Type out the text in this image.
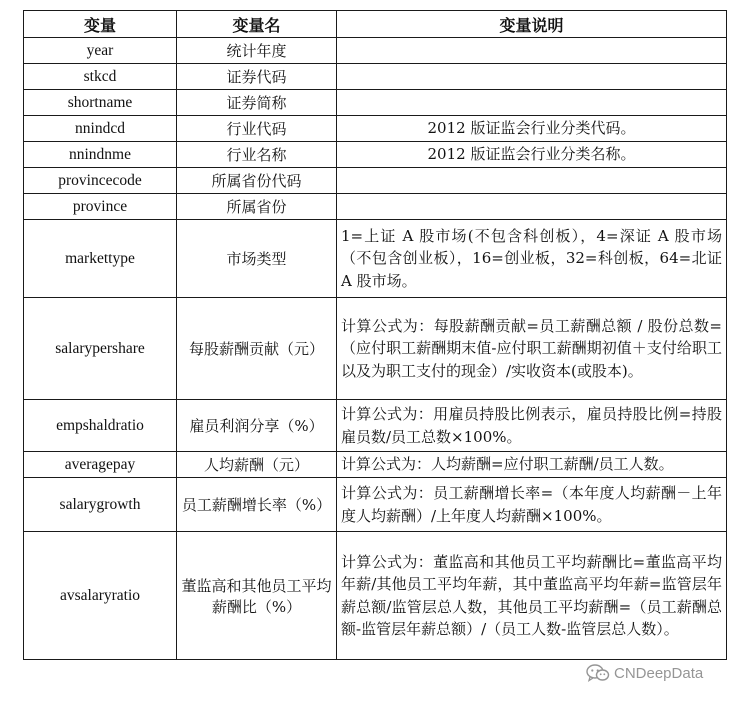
变量	变量名	变量说明
year	统计年度	
stkcd	证券代码	
shortname	证券简称	
nnindcd	行业代码	2012 版证监会行业分类代码。
nnindnme	行业名称	2012 版证监会行业分类名称。
provincecode	所属省份代码	
province	所属省份	
markettype	市场类型	1=上证 A 股市场(不包含科创板），4=深证 A 股市场（不包含创业板），16=创业板，32=科创板，64=北证 A 股市场。
salarypershare	每股薪酬贡献（元）	计算公式为：每股薪酬贡献=员工薪酬总额 / 股份总数=（应付职工薪酬期末值-应付职工薪酬期初值＋支付给职工以及为职工支付的现金）/实收资本(或股本)。
empshaldratio	雇员利润分享（%）	计算公式为：用雇员持股比例表示，雇员持股比例=持股雇员数/员工总数×100%。
averagepay	人均薪酬（元）	计算公式为：人均薪酬=应付职工薪酬/员工人数。
salarygrowth	员工薪酬增长率（%）	计算公式为：员工薪酬增长率=（本年度人均薪酬－上年度人均薪酬）/上年度人均薪酬×100%。
avsalaryratio	董监高和其他员工平均薪酬比（%）	计算公式为：董监高和其他员工平均薪酬比=董监高平均年薪/其他员工平均年薪，其中董监高平均年薪=监管层年薪总额/监管层总人数，其他员工平均薪酬=（员工薪酬总额-监管层年薪总额）/（员工人数-监管层总人数）。
CNDeepData
